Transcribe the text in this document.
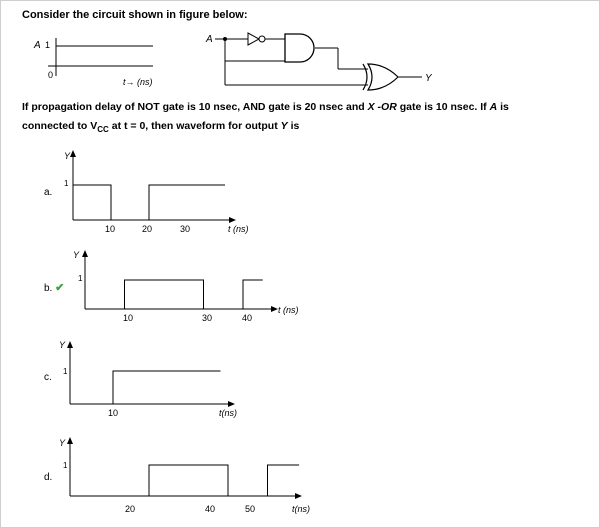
Consider the circuit shown in figure below:
A 1
0
t→ (ns)
A
Y
If propagation delay of NOT gate is 10 nsec, AND gate is 20 nsec and X -OR gate is 10 nsec. If A is
connected to $V_{CC}$ at t = 0, then waveform for output Y is
a.
Y
1
10	20	30	t (ns)
b. ✔
Y
1
10	30	40
t (ns)
c.
Y
1
10	t(ns)
d.
Y
1
20	40	50	t(ns)
